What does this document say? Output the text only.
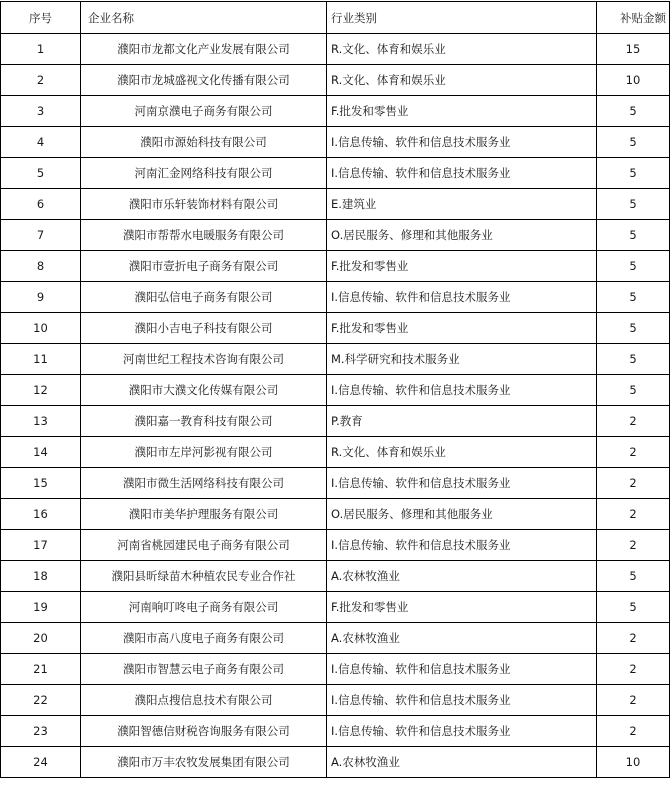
序号	企业名称	行业类别	补贴金额
1	濮阳市龙都文化产业发展有限公司	R.文化、体育和娱乐业	15
2	濮阳市龙城盛视文化传播有限公司	R.文化、体育和娱乐业	10
3	河南京濮电子商务有限公司	F.批发和零售业	5
4	濮阳市源始科技有限公司	I.信息传输、软件和信息技术服务业	5
5	河南汇金网络科技有限公司	I.信息传输、软件和信息技术服务业	5
6	濮阳市乐轩装饰材料有限公司	E.建筑业	5
7	濮阳市帮帮水电暖服务有限公司	O.居民服务、修理和其他服务业	5
8	濮阳市壹折电子商务有限公司	F.批发和零售业	5
9	濮阳弘信电子商务有限公司	I.信息传输、软件和信息技术服务业	5
10	濮阳小吉电子科技有限公司	F.批发和零售业	5
11	河南世纪工程技术咨询有限公司	M.科学研究和技术服务业	5
12	濮阳市大濮文化传媒有限公司	I.信息传输、软件和信息技术服务业	5
13	濮阳嘉一教育科技有限公司	P.教育	2
14	濮阳市左岸河影视有限公司	R.文化、体育和娱乐业	2
15	濮阳市微生活网络科技有限公司	I.信息传输、软件和信息技术服务业	2
16	濮阳市美华护理服务有限公司	O.居民服务、修理和其他服务业	2
17	河南省桃园建民电子商务有限公司	I.信息传输、软件和信息技术服务业	2
18	濮阳县昕绿苗木种植农民专业合作社	A.农林牧渔业	5
19	河南响叮咚电子商务有限公司	F.批发和零售业	5
20	濮阳市高八度电子商务有限公司	A.农林牧渔业	2
21	濮阳市智慧云电子商务有限公司	I.信息传输、软件和信息技术服务业	2
22	濮阳点搜信息技术有限公司	I.信息传输、软件和信息技术服务业	2
23	濮阳智德信财税咨询服务有限公司	I.信息传输、软件和信息技术服务业	2
24	濮阳市万丰农牧发展集团有限公司	A.农林牧渔业	10
